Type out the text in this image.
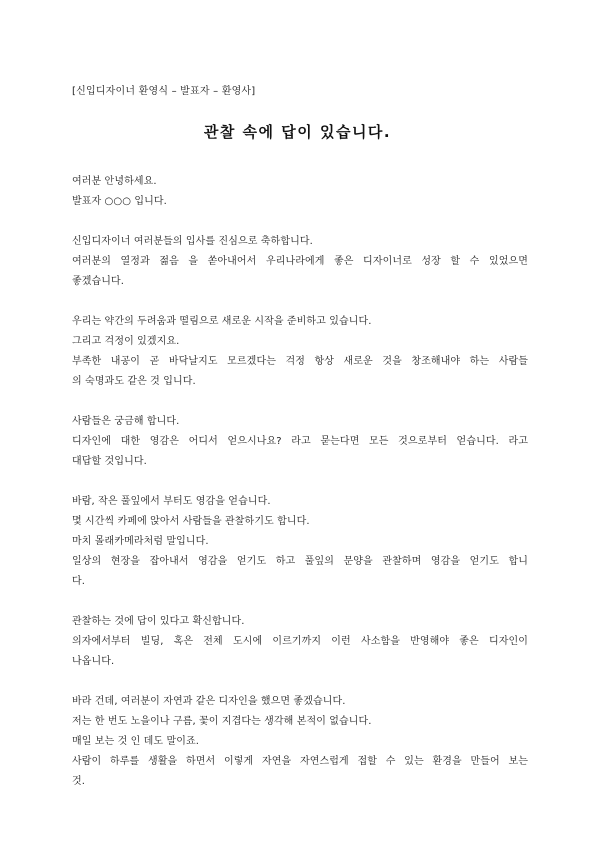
[신입디자이너 환영식 – 발표자 – 환영사]
관찰 속에 답이 있습니다.
여러분 안녕하세요.
발표자 ○○○ 입니다.
신입디자이너 여러분들의 입사를 진심으로 축하합니다.
여러분의 열정과 젊음 을 쏟아내어서 우리나라에게 좋은 디자이너로 성장 할 수 있었으면
좋겠습니다.
우리는 약간의 두려움과 떨림으로 새로운 시작을 준비하고 있습니다.
그리고 걱정이 있겠지요.
부족한 내공이 곧 바닥날지도 모르겠다는 걱정 항상 새로운 것을 창조해내야 하는 사람들
의 숙명과도 같은 것 입니다.
사람들은 궁금해 합니다.
디자인에 대한 영감은 어디서 얻으시나요? 라고 묻는다면 모든 것으로부터 얻습니다. 라고
대답할 것입니다.
바람, 작은 풀잎에서 부터도 영감을 얻습니다.
몇 시간씩 카페에 앉아서 사람들을 관찰하기도 합니다.
마치 몰래카메라처럼 말입니다.
일상의 현장을 잡아내서 영감을 얻기도 하고 풀잎의 문양을 관찰하며 영감을 얻기도 합니
다.
관찰하는 것에 답이 있다고 확신합니다.
의자에서부터 빌딩, 혹은 전체 도시에 이르기까지 이런 사소함을 반영해야 좋은 디자인이
나옵니다.
바라 건데, 여러분이 자연과 같은 디자인을 했으면 좋겠습니다.
저는 한 번도 노을이나 구름, 꽃이 지겹다는 생각해 본적이 없습니다.
매일 보는 것 인 데도 말이죠.
사람이 하루를 생활을 하면서 이렇게 자연을 자연스럽게 접할 수 있는 환경을 만들어 보는
것.
